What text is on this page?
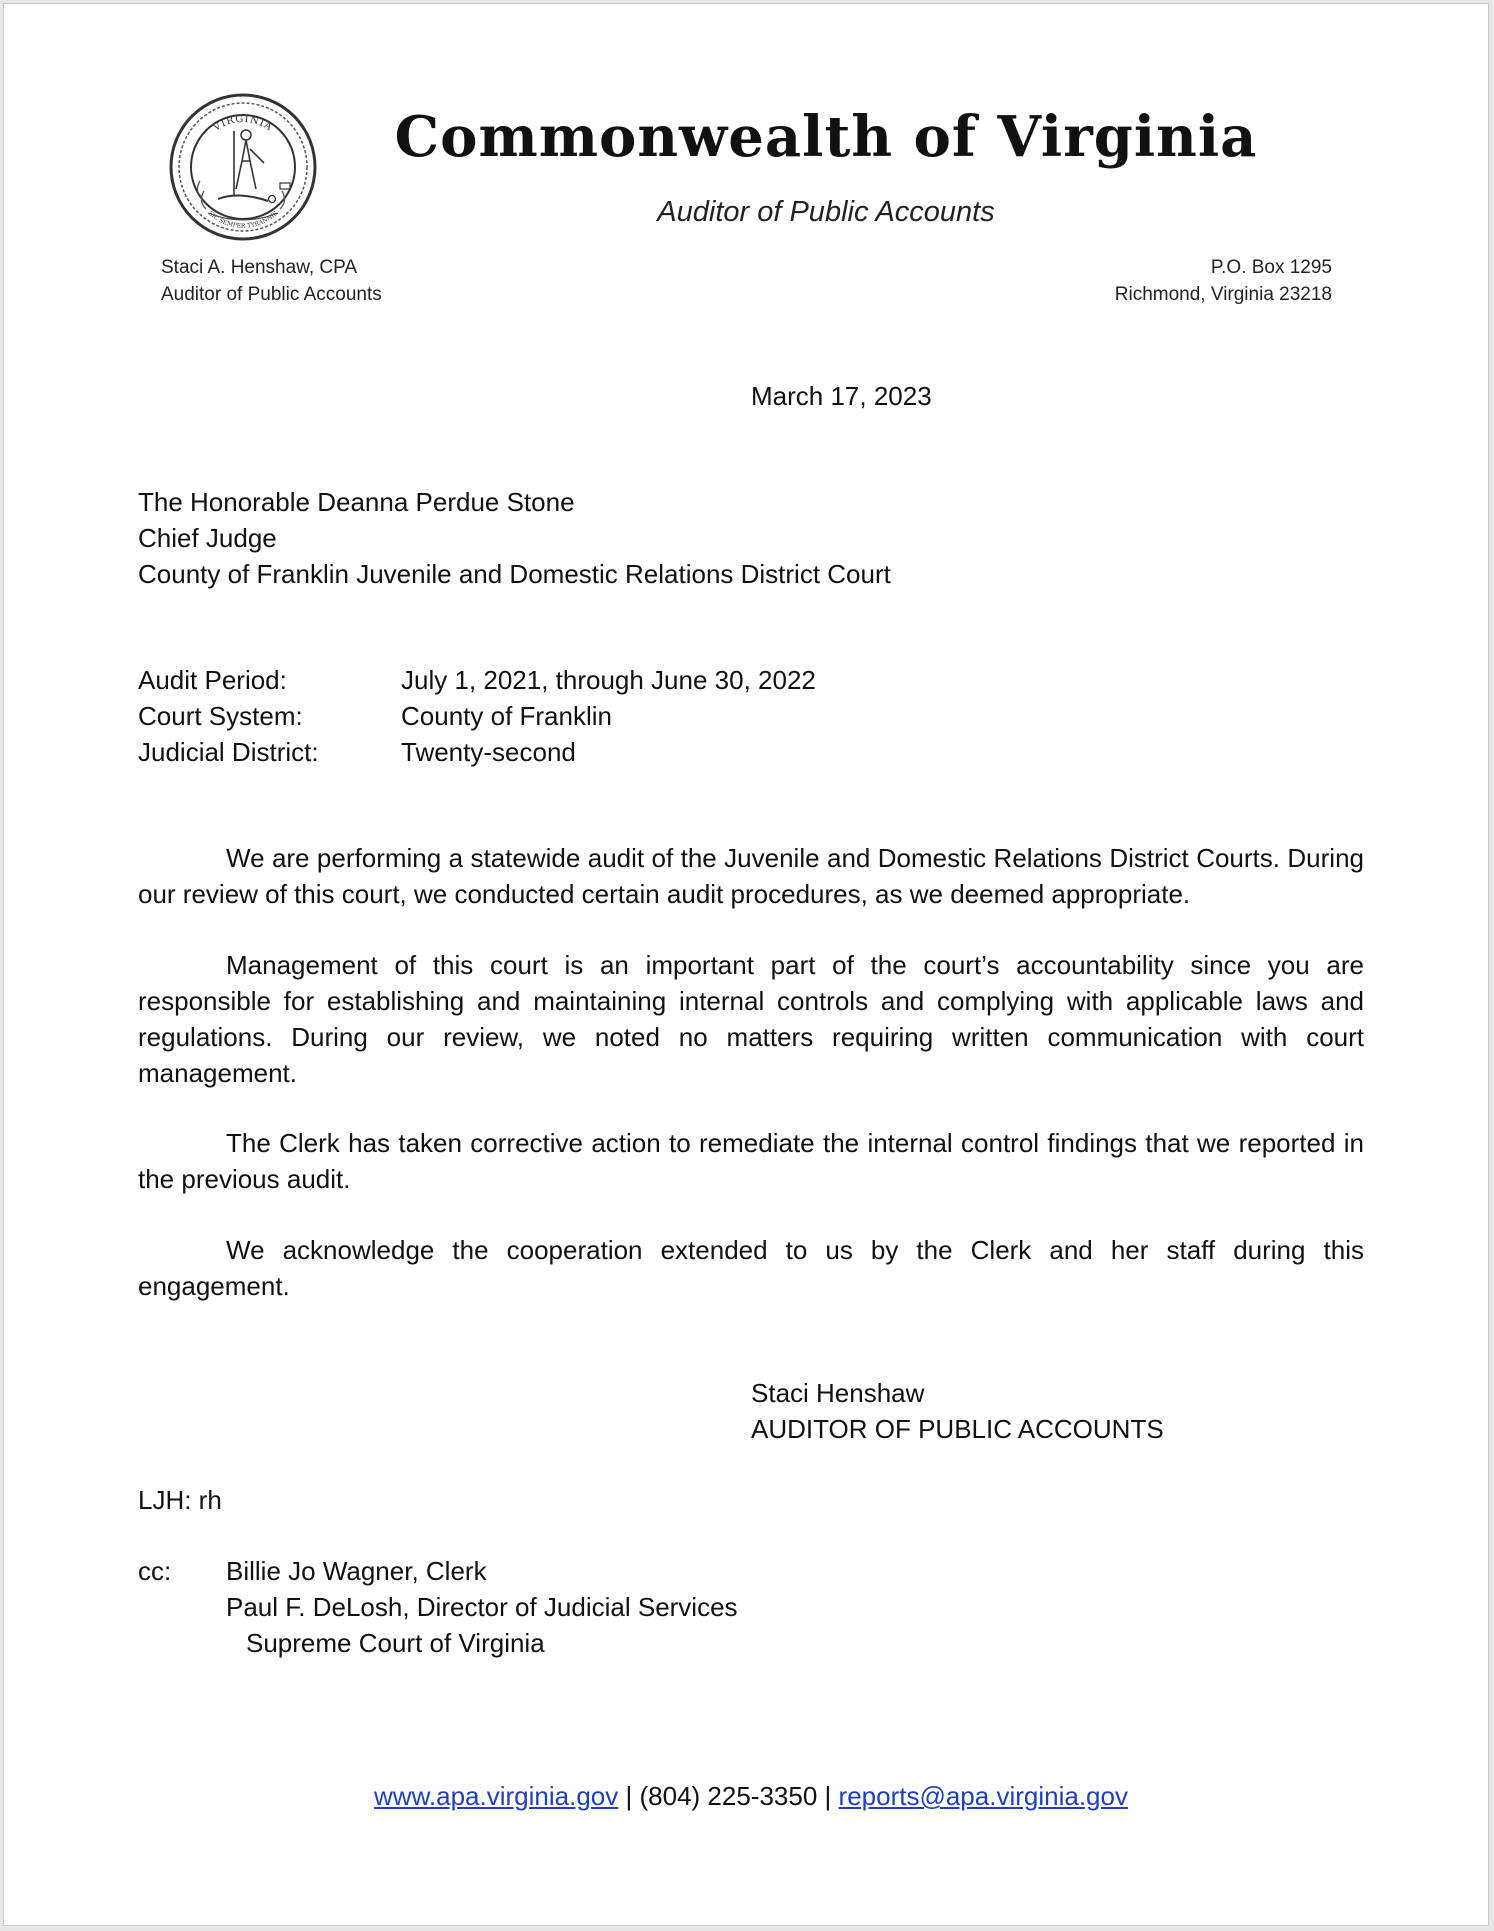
VIRGINIA
SIC SEMPER TYRANNIS
Commonwealth of Virginia
Auditor of Public Accounts
Staci A. Henshaw, CPA
Auditor of Public Accounts
P.O. Box 1295
Richmond, Virginia 23218
March 17, 2023
The Honorable Deanna Perdue Stone
Chief Judge
County of Franklin Juvenile and Domestic Relations District Court
Audit Period:	July 1, 2021, through June 30, 2022
Court System:	County of Franklin
Judicial District:	Twenty-second
We are performing a statewide audit of the Juvenile and Domestic Relations District Courts. During our review of this court, we conducted certain audit procedures, as we deemed appropriate.
Management of this court is an important part of the court’s accountability since you are responsible for establishing and maintaining internal controls and complying with applicable laws and regulations. During our review, we noted no matters requiring written communication with court management.
The Clerk has taken corrective action to remediate the internal control findings that we reported in the previous audit.
We acknowledge the cooperation extended to us by the Clerk and her staff during this engagement.
Staci Henshaw
AUDITOR OF PUBLIC ACCOUNTS
LJH: rh
cc:	Billie Jo Wagner, Clerk
Paul F. DeLosh, Director of Judicial Services
Supreme Court of Virginia
www.apa.virginia.gov | (804) 225-3350 | reports@apa.virginia.gov
